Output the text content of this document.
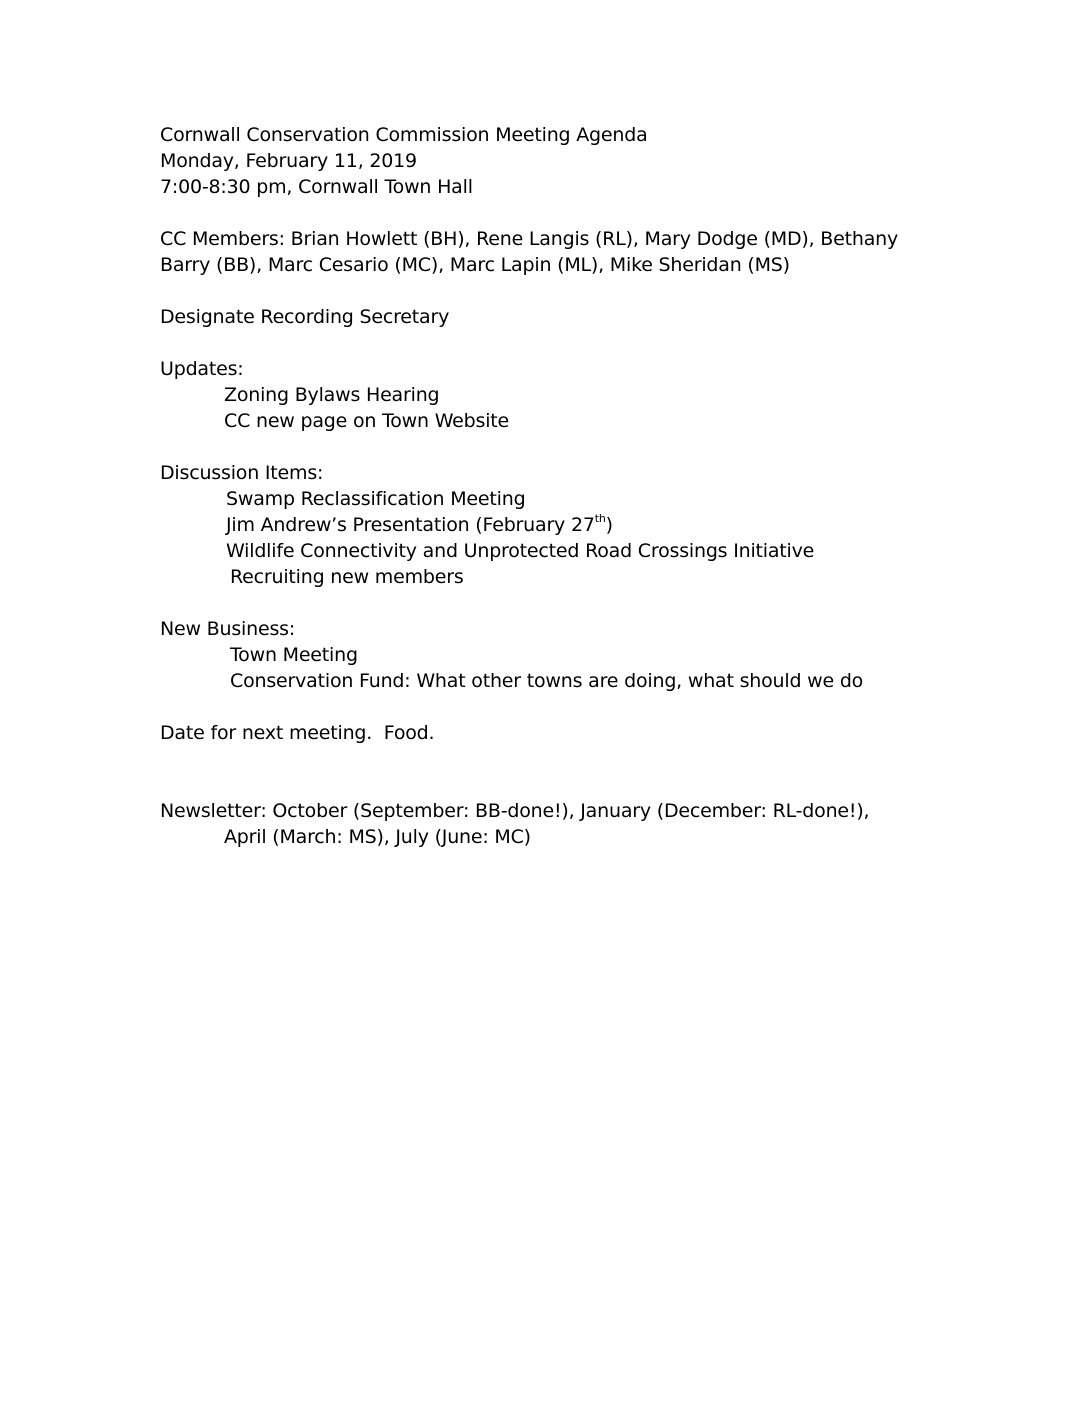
Cornwall Conservation Commission Meeting Agenda
Monday, February 11, 2019
7:00-8:30 pm, Cornwall Town Hall
CC Members: Brian Howlett (BH), Rene Langis (RL), Mary Dodge (MD), Bethany
Barry (BB), Marc Cesario (MC), Marc Lapin (ML), Mike Sheridan (MS)
Designate Recording Secretary
Updates:
Zoning Bylaws Hearing
CC new page on Town Website
Discussion Items:
Swamp Reclassification Meeting
Jim Andrew’s Presentation (February 27th)
Wildlife Connectivity and Unprotected Road Crossings Initiative
Recruiting new members
New Business:
Town Meeting
Conservation Fund: What other towns are doing, what should we do
Date for next meeting.  Food.
Newsletter: October (September: BB-done!), January (December: RL-done!),
April (March: MS), July (June: MC)
